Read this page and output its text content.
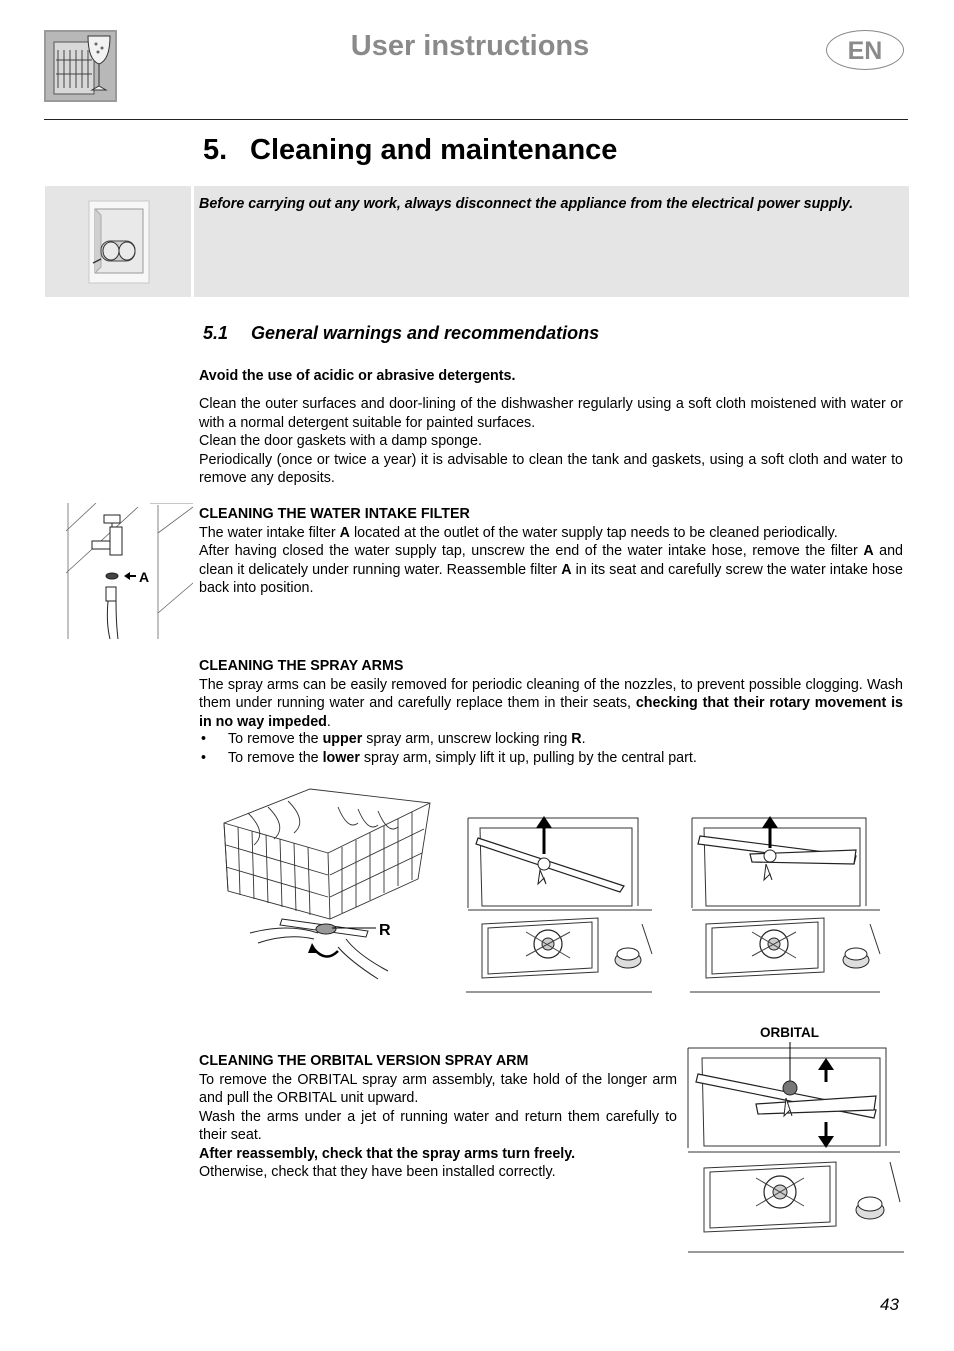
User instructions	EN
5. Cleaning and maintenance
Before carrying out any work, always disconnect the appliance from the electrical power supply.
5.1 General warnings and recommendations
Avoid the use of acidic or abrasive detergents.

Clean the outer surfaces and door-lining of the dishwasher regularly using a soft cloth moistened with water or with a normal detergent suitable for painted surfaces.

Clean the door gaskets with a damp sponge.

Periodically (once or twice a year) it is advisable to clean the tank and gaskets, using a soft cloth and water to remove any deposits.

A

CLEANING THE WATER INTAKE FILTER

The water intake filter A located at the outlet of the water supply tap needs to be cleaned periodically.

After having closed the water supply tap, unscrew the end of the water intake hose, remove the filter A and clean it delicately under running water. Reassemble filter A in its seat and carefully screw the water intake hose back into position.

CLEANING THE SPRAY ARMS

The spray arms can be easily removed for periodic cleaning of the nozzles, to prevent possible clogging. Wash them under running water and carefully replace them in their seats, checking that their rotary movement is in no way impeded.

• To remove the upper spray arm, unscrew locking ring R.
• To remove the lower spray arm, simply lift it up, pulling by the central part.
R
ORBITAL

CLEANING THE ORBITAL VERSION SPRAY ARM

To remove the ORBITAL spray arm assembly, take hold of the longer arm and pull the ORBITAL unit upward.

Wash the arms under a jet of running water and return them carefully to their seat.

After reassembly, check that the spray arms turn freely.

Otherwise, check that they have been installed correctly.

43
